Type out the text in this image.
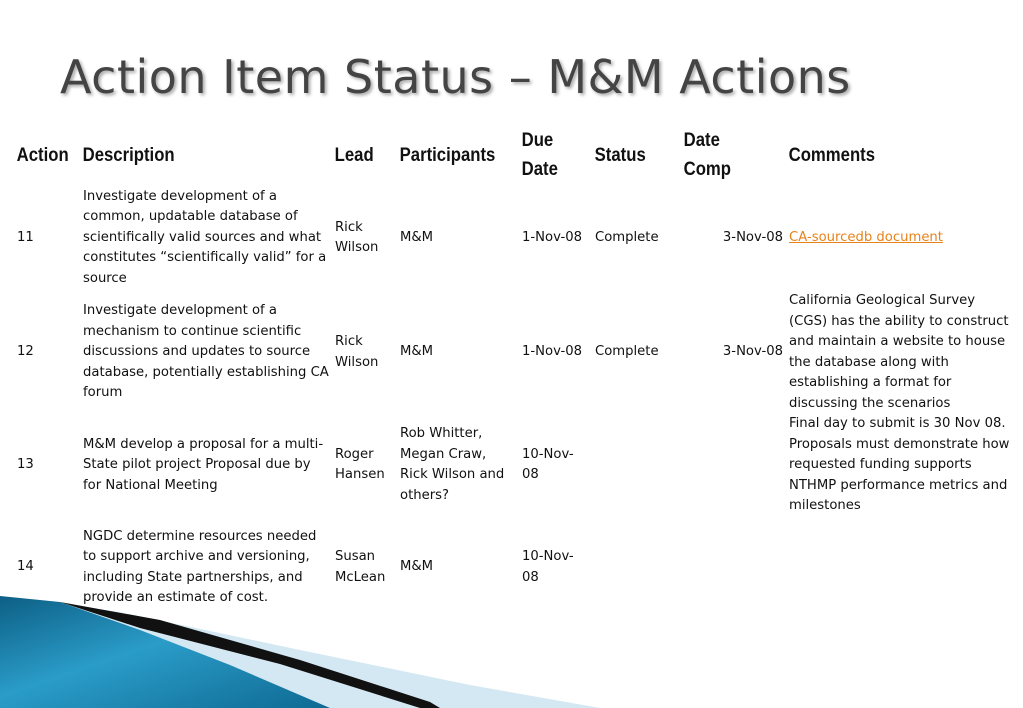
Action Item Status – M&M Actions
Action	Description	Lead	Participants	Due Date	Status	Date Comp	Comments
11	Investigate development of a common, updatable database of scientifically valid sources and what constitutes “scientifically valid” for a source	Rick Wilson	M&M	1-Nov-08	Complete	3-Nov-08	CA-sourcedb document
12	Investigate development of a mechanism to continue scientific discussions and updates to source database, potentially establishing CA forum	Rick Wilson	M&M	1-Nov-08	Complete	3-Nov-08	California Geological Survey (CGS) has the ability to construct and maintain a website to house the database along with establishing a format for discussing the scenarios
13	M&M develop a proposal for a multi-State pilot project Proposal due by for National Meeting	Roger Hansen	Rob Whitter, Megan Craw, Rick Wilson and others?	10-Nov-08			Final day to submit is 30 Nov 08. Proposals must demonstrate how requested funding supports NTHMP performance metrics and milestones
14	NGDC determine resources needed to support archive and versioning, including State partnerships, and provide an estimate of cost.	Susan McLean	M&M	10-Nov-08			
